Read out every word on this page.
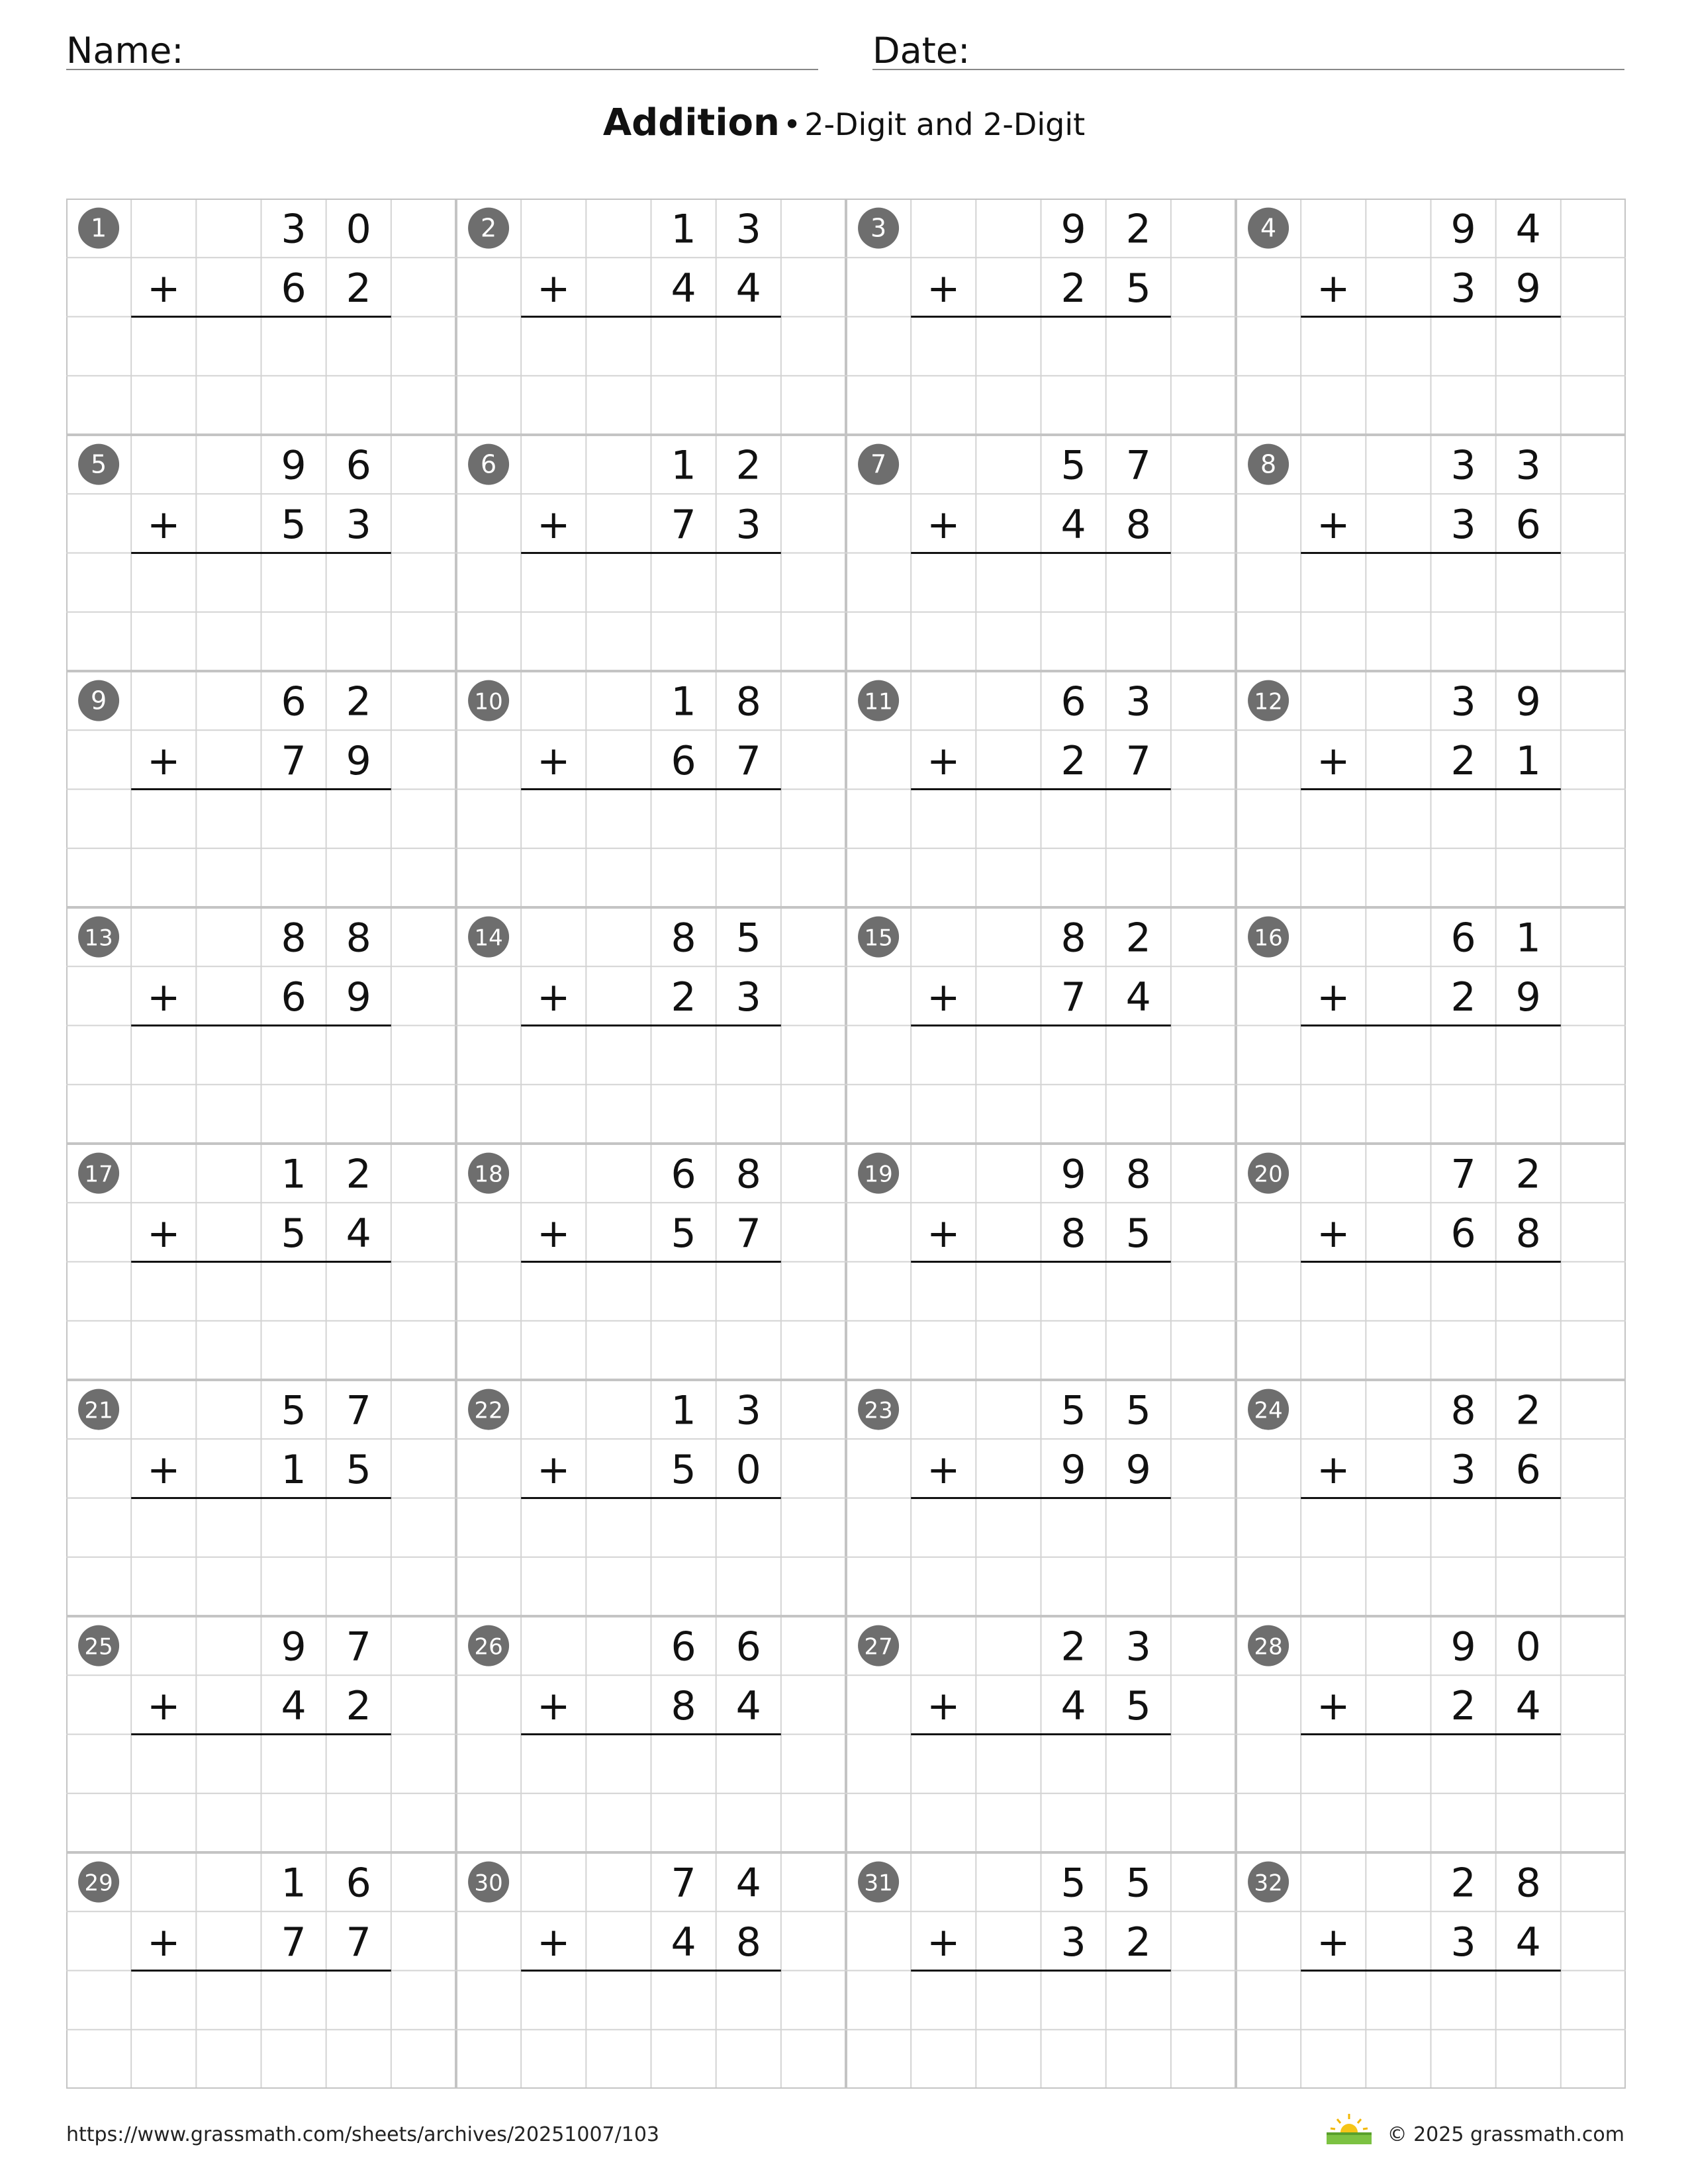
Name:	Date:
Addition • 2-Digit and 2-Digit
1	3 0
+	6 2
2	1 3
+	4 4
3	9 2
+	2 5
4	9 4
+	3 9
5	9 6
+	5 3
6	1 2
+	7 3
7	5 7
+	4 8
8	3 3
+	3 6
9	6 2
+	7 9
10	1 8
+	6 7
11	6 3
+	2 7
12	3 9
+	2 1
13	8 8
+	6 9
14	8 5
+	2 3
15	8 2
+	7 4
16	6 1
+	2 9
17	1 2
+	5 4
18	6 8
+	5 7
19	9 8
+	8 5
20	7 2
+	6 8
21	5 7
+	1 5
22	1 3
+	5 0
23	5 5
+	9 9
24	8 2
+	3 6
25	9 7
+	4 2
26	6 6
+	8 4
27	2 3
+	4 5
28	9 0
+	2 4
29	1 6
+	7 7
30	7 4
+	4 8
31	5 5
+	3 2
32	2 8
+	3 4
https://www.grassmath.com/sheets/archives/20251007/103	© 2025 grassmath.com
